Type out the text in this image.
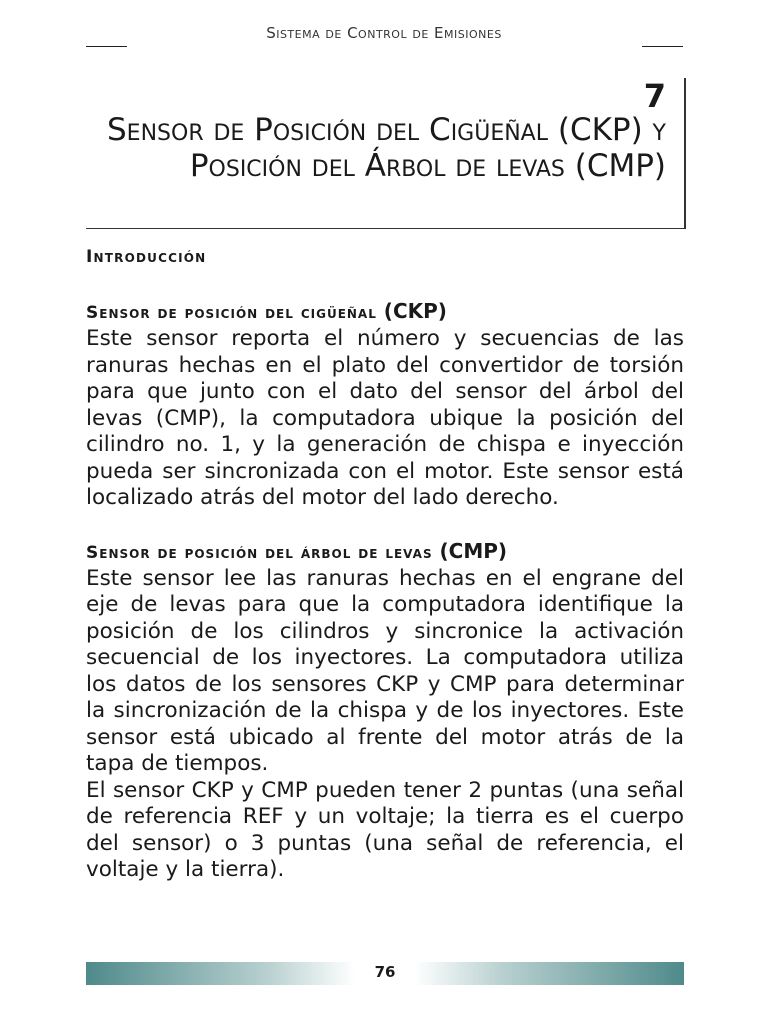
Sistema de Control de Emisiones
7
Sensor de Posición del Cigüeñal (CKP) y Posición del Árbol de levas (CMP)
Introducción
Sensor de posición del cigüeñal (CKP)

Este sensor reporta el número y secuencias de las ranuras hechas en el plato del convertidor de torsión para que junto con el dato del sensor del árbol del levas (CMP), la computadora ubique la posición del cilindro no. 1, y la generación de chispa e inyección pueda ser sincronizada con el motor. Este sensor está localizado atrás del motor del lado derecho.

Sensor de posición del árbol de levas (CMP)

Este sensor lee las ranuras hechas en el engrane del eje de levas para que la computadora identifique la posición de los cilindros y sincronice la activación secuencial de los inyectores. La computadora utiliza los datos de los sensores CKP y CMP para determinar la sincronización de la chispa y de los inyectores. Este sensor está ubicado al frente del motor atrás de la tapa de tiempos.

El sensor CKP y CMP pueden tener 2 puntas (una señal de referencia REF y un voltaje; la tierra es el cuerpo del sensor) o 3 puntas (una señal de referencia, el voltaje y la tierra).

76
